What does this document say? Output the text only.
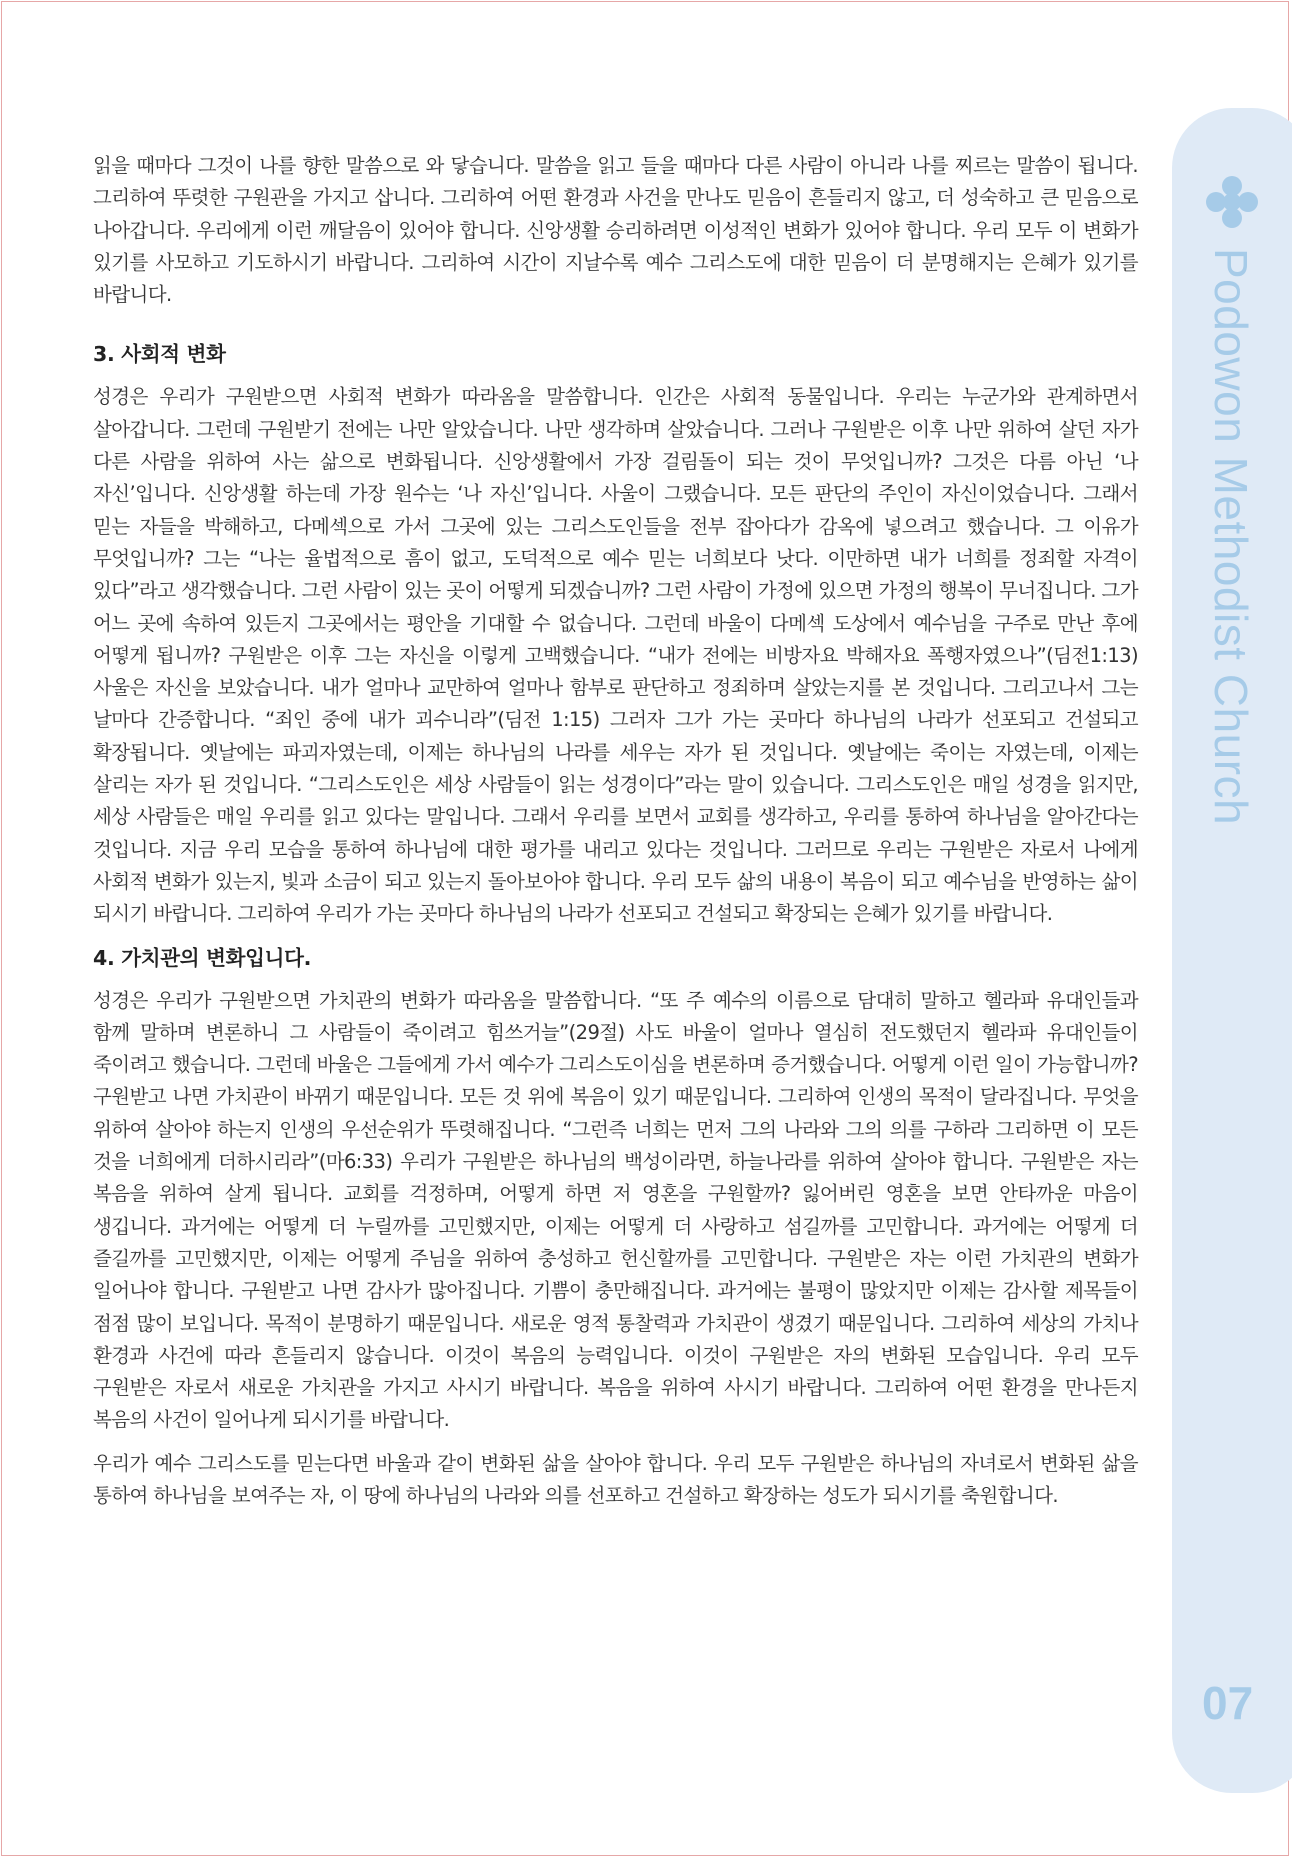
읽을 때마다 그것이 나를 향한 말씀으로 와 닿습니다. 말씀을 읽고 들을 때마다 다른 사람이 아니라 나를 찌르는 말씀이 됩니다. 그리하여 뚜렷한 구원관을 가지고 삽니다. 그리하여 어떤 환경과 사건을 만나도 믿음이 흔들리지 않고, 더 성숙하고 큰 믿음으로 나아갑니다. 우리에게 이런 깨달음이 있어야 합니다. 신앙생활 승리하려면 이성적인 변화가 있어야 합니다. 우리 모두 이 변화가 있기를 사모하고 기도하시기 바랍니다. 그리하여 시간이 지날수록 예수 그리스도에 대한 믿음이 더 분명해지는 은혜가 있기를 바랍니다.

3. 사회적 변화

성경은 우리가 구원받으면 사회적 변화가 따라옴을 말씀합니다. 인간은 사회적 동물입니다. 우리는 누군가와 관계하면서 살아갑니다. 그런데 구원받기 전에는 나만 알았습니다. 나만 생각하며 살았습니다. 그러나 구원받은 이후 나만 위하여 살던 자가 다른 사람을 위하여 사는 삶으로 변화됩니다. 신앙생활에서 가장 걸림돌이 되는 것이 무엇입니까? 그것은 다름 아닌 ‘나 자신’입니다. 신앙생활 하는데 가장 원수는 ‘나 자신’입니다. 사울이 그랬습니다. 모든 판단의 주인이 자신이었습니다. 그래서 믿는 자들을 박해하고, 다메섹으로 가서 그곳에 있는 그리스도인들을 전부 잡아다가 감옥에 넣으려고 했습니다. 그 이유가 무엇입니까? 그는 “나는 율법적으로 흠이 없고, 도덕적으로 예수 믿는 너희보다 낫다. 이만하면 내가 너희를 정죄할 자격이 있다”라고 생각했습니다. 그런 사람이 있는 곳이 어떻게 되겠습니까? 그런 사람이 가정에 있으면 가정의 행복이 무너집니다. 그가 어느 곳에 속하여 있든지 그곳에서는 평안을 기대할 수 없습니다. 그런데 바울이 다메섹 도상에서 예수님을 구주로 만난 후에 어떻게 됩니까? 구원받은 이후 그는 자신을 이렇게 고백했습니다. “내가 전에는 비방자요 박해자요 폭행자였으나”(딤전1:13) 사울은 자신을 보았습니다. 내가 얼마나 교만하여 얼마나 함부로 판단하고 정죄하며 살았는지를 본 것입니다. 그리고나서 그는 날마다 간증합니다. “죄인 중에 내가 괴수니라”(딤전 1:15) 그러자 그가 가는 곳마다 하나님의 나라가 선포되고 건설되고 확장됩니다. 옛날에는 파괴자였는데, 이제는 하나님의 나라를 세우는 자가 된 것입니다. 옛날에는 죽이는 자였는데, 이제는 살리는 자가 된 것입니다. “그리스도인은 세상 사람들이 읽는 성경이다”라는 말이 있습니다. 그리스도인은 매일 성경을 읽지만, 세상 사람들은 매일 우리를 읽고 있다는 말입니다. 그래서 우리를 보면서 교회를 생각하고, 우리를 통하여 하나님을 알아간다는 것입니다. 지금 우리 모습을 통하여 하나님에 대한 평가를 내리고 있다는 것입니다. 그러므로 우리는 구원받은 자로서 나에게 사회적 변화가 있는지, 빛과 소금이 되고 있는지 돌아보아야 합니다. 우리 모두 삶의 내용이 복음이 되고 예수님을 반영하는 삶이 되시기 바랍니다. 그리하여 우리가 가는 곳마다 하나님의 나라가 선포되고 건설되고 확장되는 은혜가 있기를 바랍니다.

4. 가치관의 변화입니다.

성경은 우리가 구원받으면 가치관의 변화가 따라옴을 말씀합니다. “또 주 예수의 이름으로 담대히 말하고 헬라파 유대인들과 함께 말하며 변론하니 그 사람들이 죽이려고 힘쓰거늘”(29절) 사도 바울이 얼마나 열심히 전도했던지 헬라파 유대인들이 죽이려고 했습니다. 그런데 바울은 그들에게 가서 예수가 그리스도이심을 변론하며 증거했습니다. 어떻게 이런 일이 가능합니까? 구원받고 나면 가치관이 바뀌기 때문입니다. 모든 것 위에 복음이 있기 때문입니다. 그리하여 인생의 목적이 달라집니다. 무엇을 위하여 살아야 하는지 인생의 우선순위가 뚜렷해집니다. “그런즉 너희는 먼저 그의 나라와 그의 의를 구하라 그리하면 이 모든 것을 너희에게 더하시리라”(마6:33) 우리가 구원받은 하나님의 백성이라면, 하늘나라를 위하여 살아야 합니다. 구원받은 자는 복음을 위하여 살게 됩니다. 교회를 걱정하며, 어떻게 하면 저 영혼을 구원할까? 잃어버린 영혼을 보면 안타까운 마음이 생깁니다. 과거에는 어떻게 더 누릴까를 고민했지만, 이제는 어떻게 더 사랑하고 섬길까를 고민합니다. 과거에는 어떻게 더 즐길까를 고민했지만, 이제는 어떻게 주님을 위하여 충성하고 헌신할까를 고민합니다. 구원받은 자는 이런 가치관의 변화가 일어나야 합니다. 구원받고 나면 감사가 많아집니다. 기쁨이 충만해집니다. 과거에는 불평이 많았지만 이제는 감사할 제목들이 점점 많이 보입니다. 목적이 분명하기 때문입니다. 새로운 영적 통찰력과 가치관이 생겼기 때문입니다. 그리하여 세상의 가치나 환경과 사건에 따라 흔들리지 않습니다. 이것이 복음의 능력입니다. 이것이 구원받은 자의 변화된 모습입니다. 우리 모두 구원받은 자로서 새로운 가치관을 가지고 사시기 바랍니다. 복음을 위하여 사시기 바랍니다. 그리하여 어떤 환경을 만나든지 복음의 사건이 일어나게 되시기를 바랍니다.

우리가 예수 그리스도를 믿는다면 바울과 같이 변화된 삶을 살아야 합니다. 우리 모두 구원받은 하나님의 자녀로서 변화된 삶을 통하여 하나님을 보여주는 자, 이 땅에 하나님의 나라와 의를 선포하고 건설하고 확장하는 성도가 되시기를 축원합니다.

Podowon Methodist Church
07
